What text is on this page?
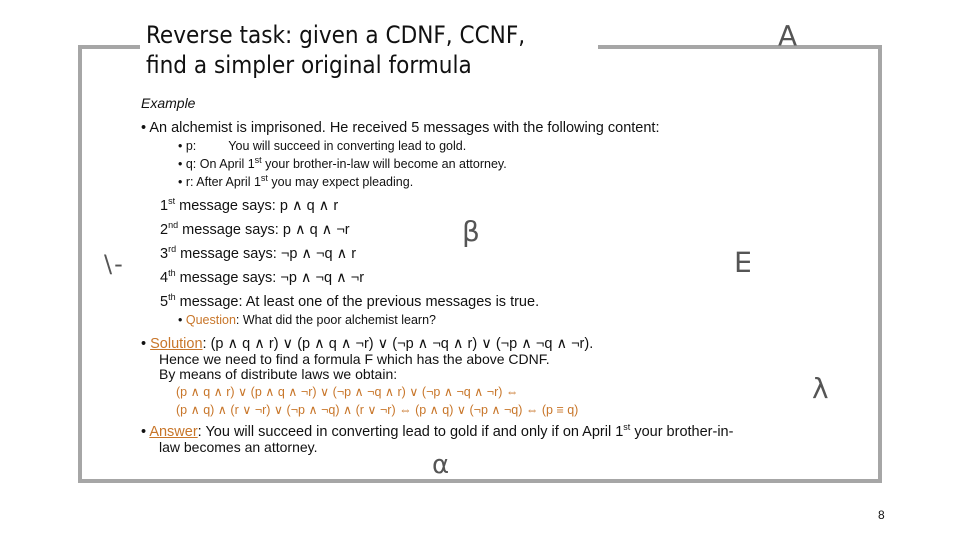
Reverse task: given a CDNF, CCNF,
find a simpler original formula
∀
∃
β
λ
α
\-
Example
• An alchemist is imprisoned. He received 5 messages with the following content:
• p:	You will succeed in converting lead to gold.
• q: On April 1st your brother-in-law will become an attorney.
• r: After April 1st you may expect pleading.
1st message says: p ∧ q ∧ r
2nd message says: p ∧ q ∧ ¬r
3rd message says: ¬p ∧ ¬q ∧ r
4th message says: ¬p ∧ ¬q ∧ ¬r
5th message: At least one of the previous messages is true.
• Question: What did the poor alchemist learn?
• Solution: (p ∧ q ∧ r) ∨ (p ∧ q ∧ ¬r) ∨ (¬p ∧ ¬q ∧ r) ∨ (¬p ∧ ¬q ∧ ¬r).
Hence we need to find a formula F which has the above CDNF.
By means of distribute laws we obtain:
(p ∧ q ∧ r) ∨ (p ∧ q ∧ ¬r) ∨ (¬p ∧ ¬q ∧ r) ∨ (¬p ∧ ¬q ∧ ¬r) ⇔
(p ∧ q) ∧ (r ∨ ¬r) ∨ (¬p ∧ ¬q) ∧ (r ∨ ¬r) ⇔ (p ∧ q) ∨ (¬p ∧ ¬q) ⇔ (p ≡ q)
• Answer: You will succeed in converting lead to gold if and only if on April 1st your brother-in-
law becomes an attorney.
8
